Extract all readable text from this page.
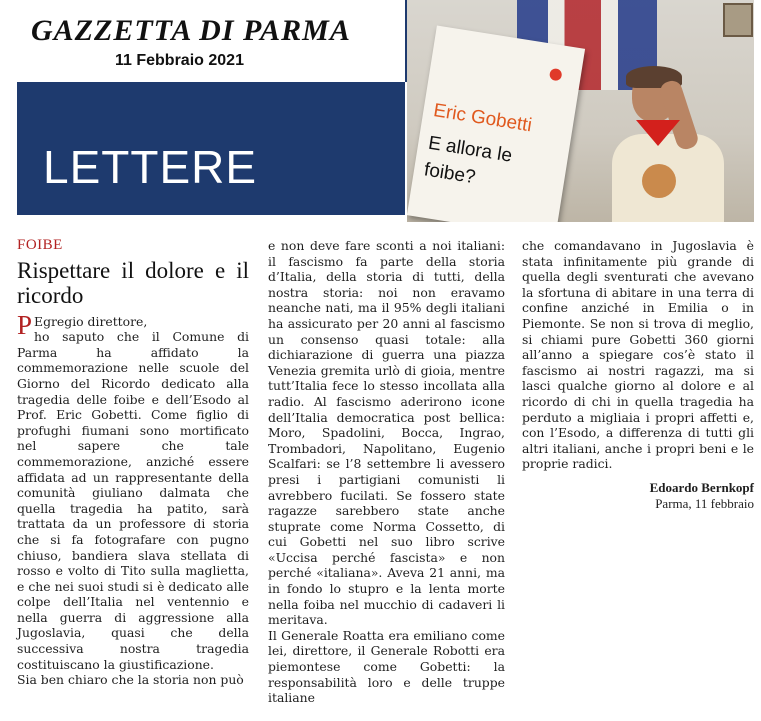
GAZZETTA DI PARMA
11 Febbraio 2021
LETTERE
Eric Gobetti
E allora le foibe?
FOIBE
Rispettare il dolore e il ricordo

P Egregio direttore,

ho saputo che il Comune di Parma ha affidato la commemorazione nelle scuole del Giorno del Ricordo dedicato alla tragedia delle foibe e dell’Esodo al Prof. Eric Gobetti. Come figlio di profughi fiumani sono mortificato nel sapere che tale commemorazione, anziché essere affidata ad un rappresentante della comunità giuliano dalmata che quella tragedia ha patito, sarà trattata da un professore di storia che si fa fotografare con pugno chiuso, bandiera slava stellata di rosso e volto di Tito sulla maglietta, e che nei suoi studi si è dedicato alle colpe dell’Italia nel ventennio e nella guerra di aggressione alla Jugoslavia, quasi che della successiva nostra tragedia costituiscano la giustificazione.

Sia ben chiaro che la storia non può

e non deve fare sconti a noi italiani: il fascismo fa parte della storia d’Italia, della storia di tutti, della nostra storia: noi non eravamo neanche nati, ma il 95% degli italiani ha assicurato per 20 anni al fascismo un consenso quasi totale: alla dichiarazione di guerra una piazza Venezia gremita urlò di gioia, mentre tutt’Italia fece lo stesso incollata alla radio. Al fascismo aderirono icone dell’Italia democratica post bellica: Moro, Spadolini, Bocca, Ingrao, Trombadori, Napolitano, Eugenio Scalfari: se l’8 settembre li avessero presi i partigiani comunisti li avrebbero fucilati. Se fossero state ragazze sarebbero state anche stuprate come Norma Cossetto, di cui Gobetti nel suo libro scrive «Uccisa perché fascista» e non perché «italiana». Aveva 21 anni, ma in fondo lo stupro e la lenta morte nella foiba nel mucchio di cadaveri li meritava.

Il Generale Roatta era emiliano come lei, direttore, il Generale Robotti era piemontese come Gobetti: la responsabilità loro e delle truppe italiane

che comandavano in Jugoslavia è stata infinitamente più grande di quella degli sventurati che avevano la sfortuna di abitare in una terra di confine anziché in Emilia o in Piemonte. Se non si trova di meglio, si chiami pure Gobetti 360 giorni all’anno a spiegare cos’è stato il fascismo ai nostri ragazzi, ma si lasci qualche giorno al dolore e al ricordo di chi in quella tragedia ha perduto a migliaia i propri affetti e, con l’Esodo, a differenza di tutti gli altri italiani, anche i propri beni e le proprie radici.

Edoardo Bernkopf
Parma, 11 febbraio
